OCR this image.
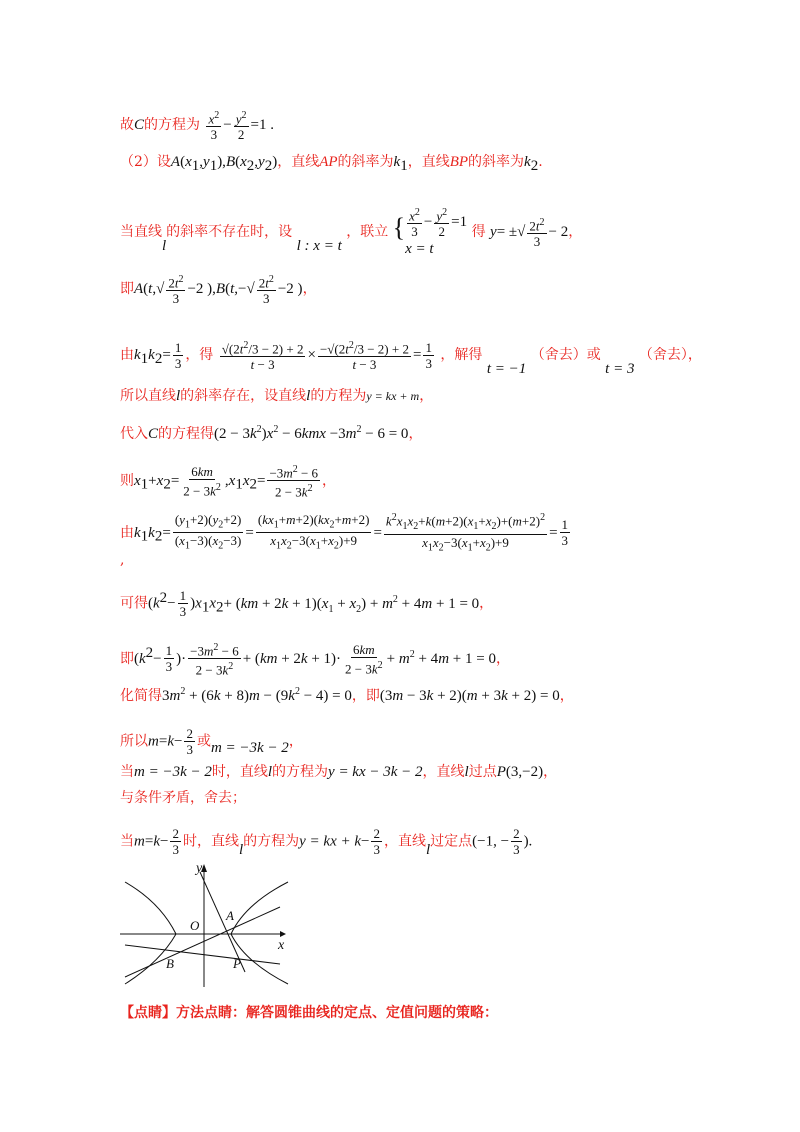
故C的方程为 $\frac{x^2}{3} - \frac{y^2}{2} =1$ .
（2）设$A(x_1,y_1),B(x_2,y_2)$，直线AP的斜率为$k_1$，直线BP的斜率为$k_2$.
当直线l的斜率不存在时，设 l : x = t ，联立 { $\frac{x^2}{3} - \frac{y^2}{2} =1$
x = t
得 y= ±√ $\frac{2t^2}{3} - 2$，
即$A(t,√ \frac{2t^2}{3} -2$ )$,B(t,-√ \frac{2t^2}{3} -2$ )，
由$k_1k_2= \frac{1}{3}$ ，得 $\frac{√(2t^2/3 - 2) + 2}{t - 3} \times \frac{-√(2t^2/3 - 2) + 2}{t - 3} = \frac{1}{3}$ ，解得 t = −1 （舍去）或 t = 3 （舍去），
所以直线l的斜率存在，设直线l的方程为y = kx + m，
代入C的方程得$(2 - 3k^2)x^2 - 6kmx -3m^2 - 6 = 0$，
则$x_1+x_2= \frac{6km}{2 - 3k^2} ,x_1x_2= \frac{-3m^2 - 6}{2 - 3k^2}$ ，
由$k_1k_2= \frac{(y_1+2)(y_2+2)}{(x_1-3)(x_2-3)} = \frac{(kx_1+m+2)(kx_2+m+2)}{x_1x_2-3(x_1+x_2)+9} = \frac{k^2x_1x_2+k(m+2)(x_1+x_2)+(m+2)^2}{x_1x_2-3(x_1+x_2)+9} = \frac{1}{3}$
,
可得$(k^2- \frac{1}{3} )x_1x_2+ (km + 2k + 1)(x_1 + x_2) + m^2 + 4m + 1 = 0$，
即($k^2- \frac{1}{3}$ )· $\frac{-3m^2 - 6}{2 - 3k^2} + (km + 2k + 1)\cdot \frac{6km}{2 - 3k^2} + m^2 + 4m + 1 = 0$，
化简得$3m^2 + (6k + 8)m - (9k^2 - 4) = 0$，即(3m − 3k + 2)(m + 3k + 2) = 0，
所以$m=k- \frac{2}{3}$ 或m = −3k − 2，
当m = −3k − 2时，直线l的方程为y = kx − 3k − 2，直线l过点P(3,−2)，
与条件矛盾，舍去；
当$m=k- \frac{2}{3}$ 时，直线l的方程为y = kx + $k- \frac{2}{3}$ ，直线l过定点(−1, − $\frac{2}{3}$ ).
y
x
O
A
B	P
【点睛】方法点睛：解答圆锥曲线的定点、定值问题的策略：
